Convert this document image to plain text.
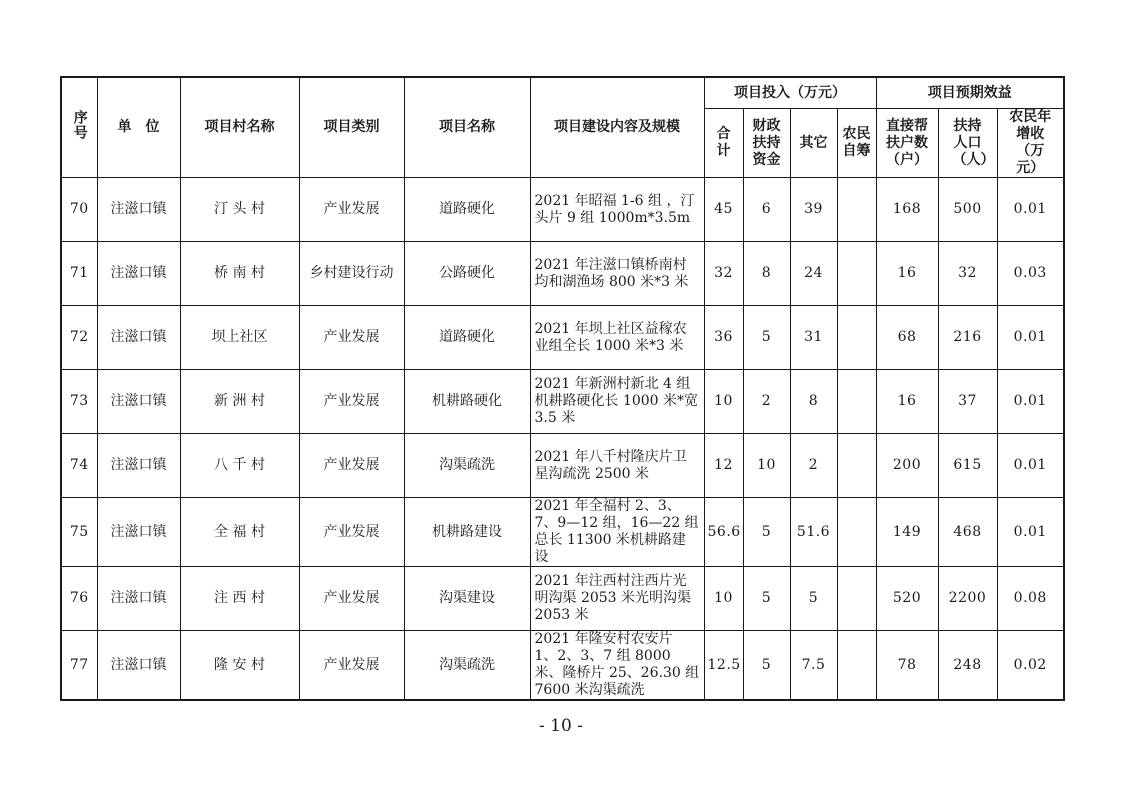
序号	单　位	项目村名称	项目类别	项目名称	项目建设内容及规模	项目投入（万元）				项目预期效益		
						合计	财政扶持资金	其它	农民自筹	直接帮扶户数（户）	扶持人口（人）	农民年增收（万元）
70	注滋口镇	汀 头 村	产业发展	道路硬化	2021 年昭福 1-6 组 ，汀头片 9 组 1000m*3.5m	45	6	39		168	500	0.01
71	注滋口镇	桥 南 村	乡村建设行动	公路硬化	2021 年注滋口镇桥南村均和湖渔场 800 米*3 米	32	8	24		16	32	0.03
72	注滋口镇	坝上社区	产业发展	道路硬化	2021 年坝上社区益稼农业组全长 1000 米*3 米	36	5	31		68	216	0.01
73	注滋口镇	新 洲 村	产业发展	机耕路硬化	2021 年新洲村新北 4 组机耕路硬化长 1000 米*宽 3.5 米	10	2	8		16	37	0.01
74	注滋口镇	八 千 村	产业发展	沟渠疏洗	2021 年八千村隆庆片卫星沟疏洗 2500 米	12	10	2		200	615	0.01
75	注滋口镇	全 福 村	产业发展	机耕路建设	2021 年全福村 2、3、7、9—12 组，16—22 组总长 11300 米机耕路建设	56.6	5	51.6		149	468	0.01
76	注滋口镇	注 西 村	产业发展	沟渠建设	2021 年注西村注西片光明沟渠 2053 米光明沟渠 2053 米	10	5	5		520	2200	0.08
77	注滋口镇	隆 安 村	产业发展	沟渠疏洗	2021 年隆安村农安片 1、2、3、7 组 8000 米、隆桥片 25、26.30 组 7600 米沟渠疏洗	12.5	5	7.5		78	248	0.02
- 10 -
